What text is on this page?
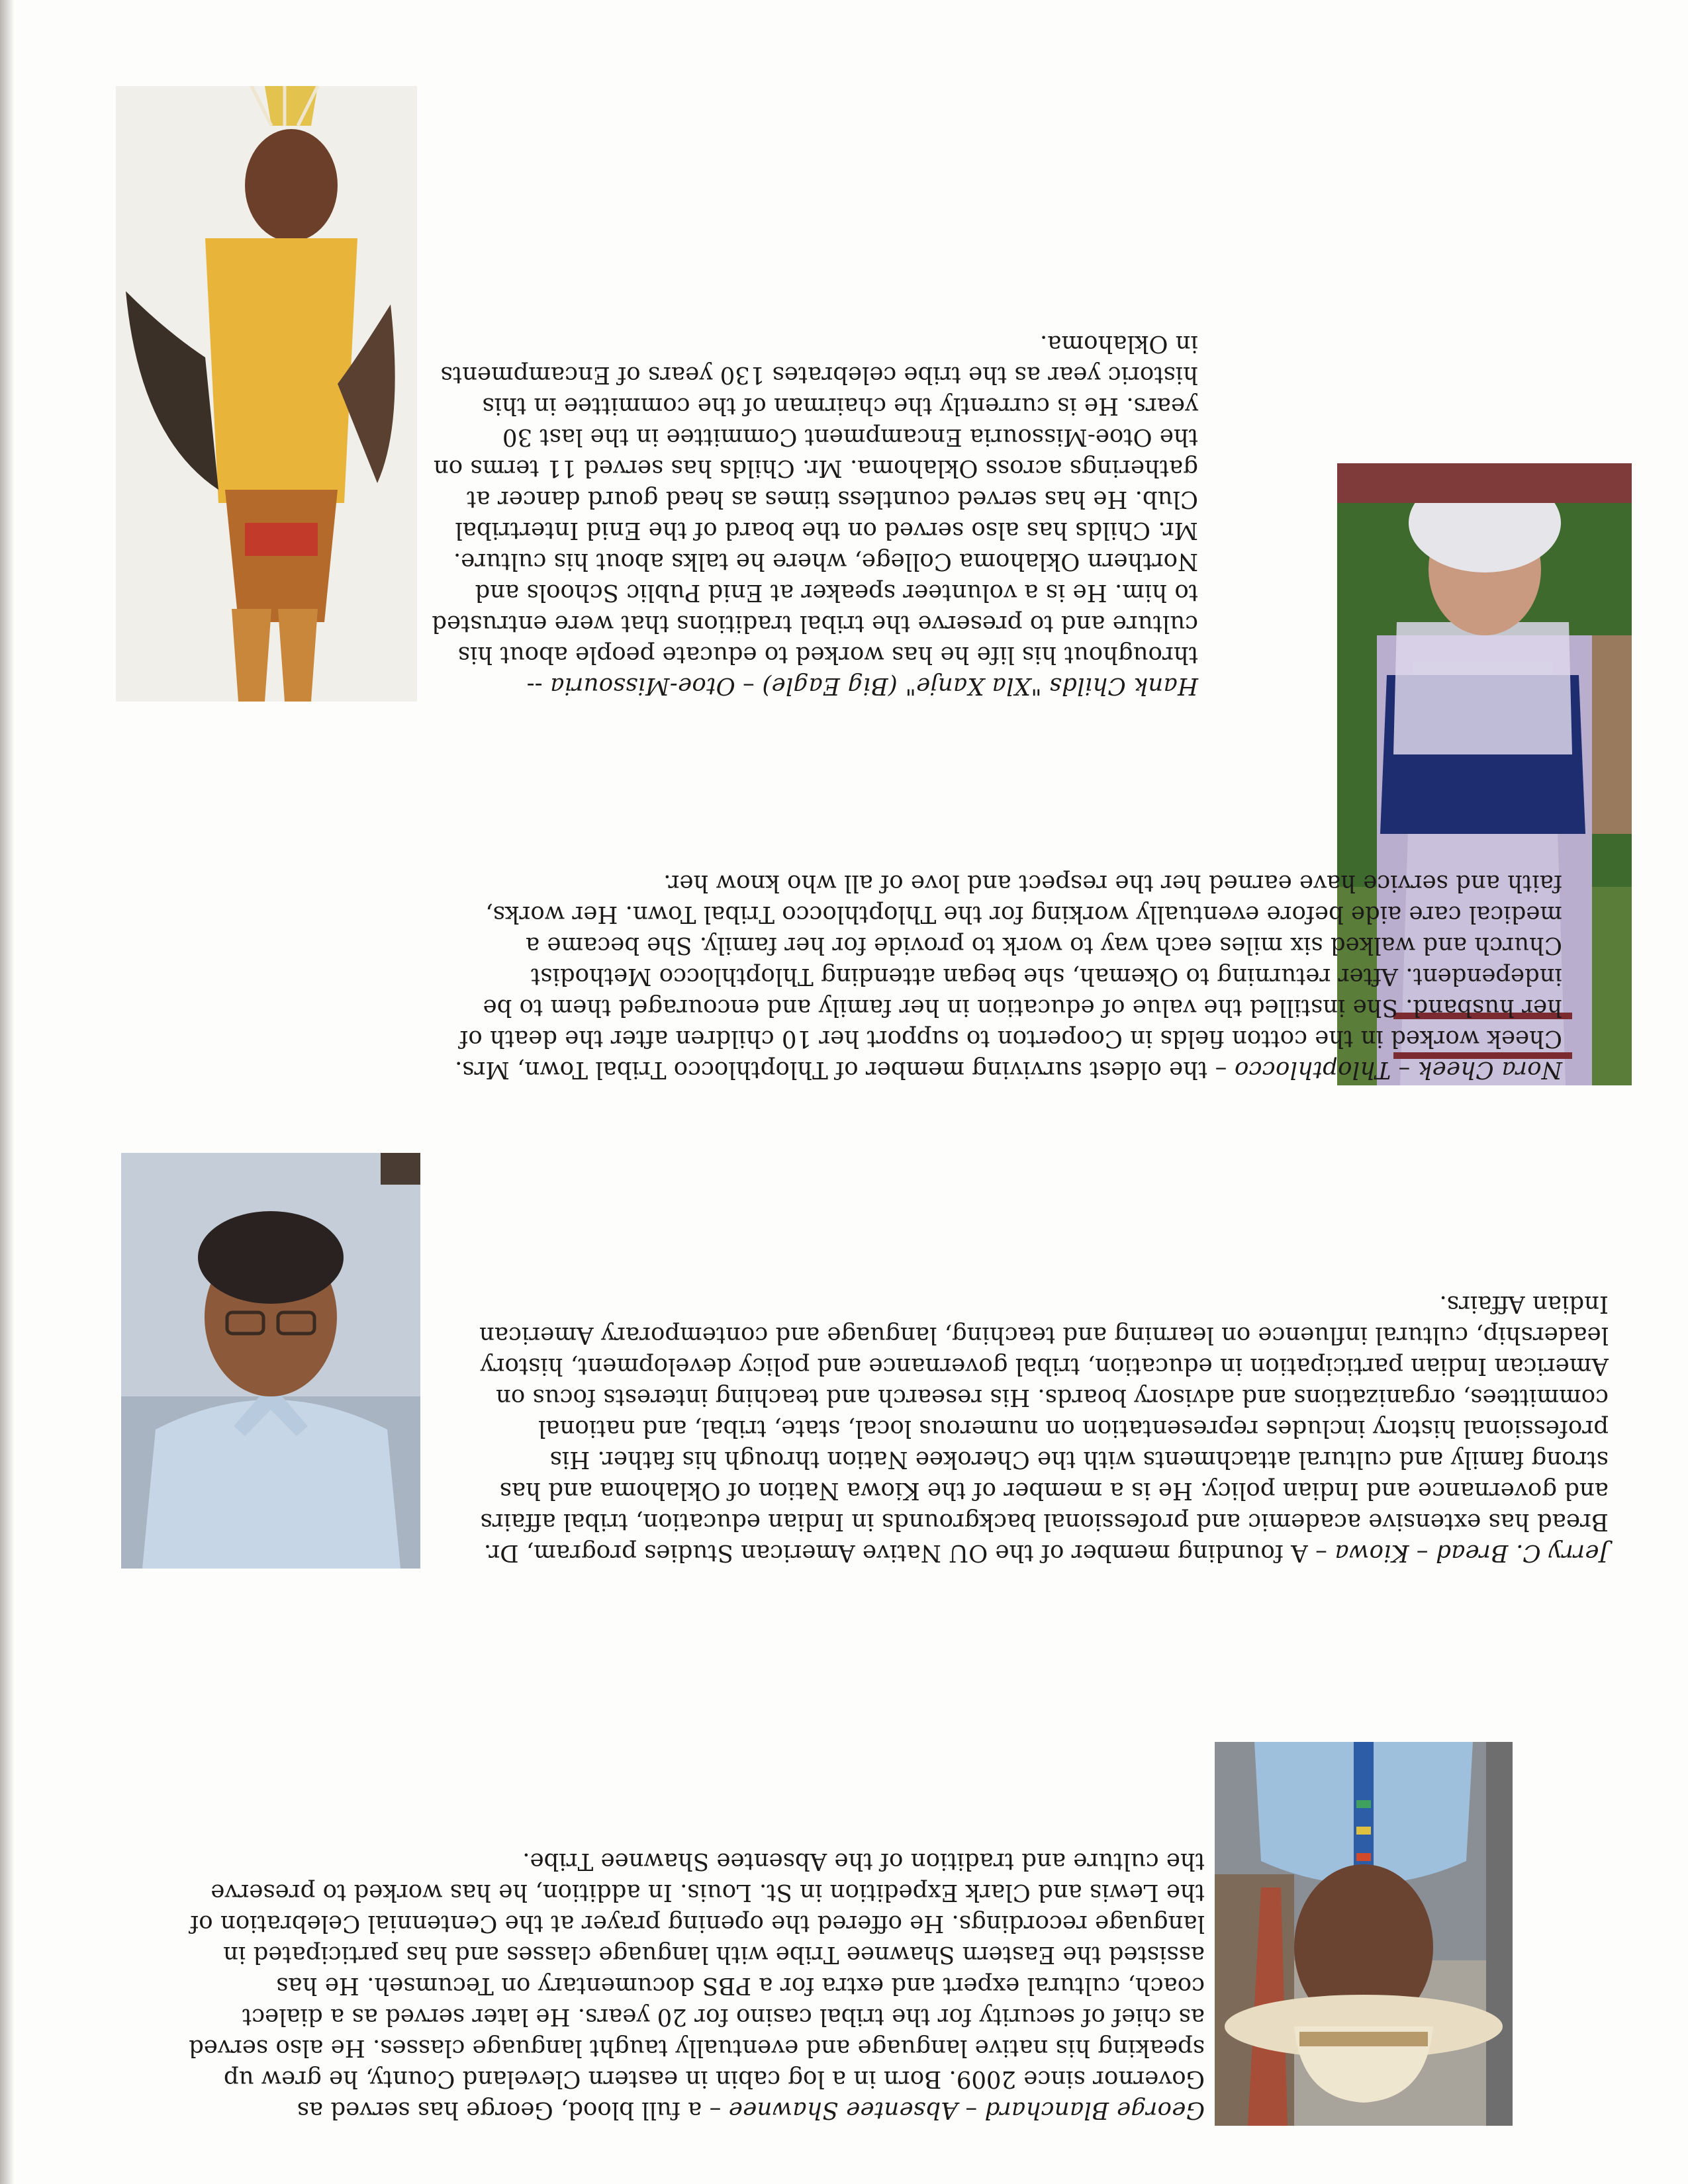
George Blanchard – Absentee Shawnee – a full blood, George has served as Governor since 2009. Born in a log cabin in eastern Cleveland County, he grew up speaking his native language and eventually taught language classes. He also served as chief of security for the tribal casino for 20 years. He later served as a dialect coach, cultural expert and extra for a PBS documentary on Tecumseh. He has assisted the Eastern Shawnee Tribe with language classes and has participated in language recordings. He offered the opening prayer at the Centennial Celebration of the Lewis and Clark Expedition in St. Louis. In addition, he has worked to preserve the culture and tradition of the Absentee Shawnee Tribe.

Jerry C. Bread – Kiowa – A founding member of the OU Native American Studies program, Dr. Bread has extensive academic and professional backgrounds in Indian education, tribal affairs and governance and Indian policy. He is a member of the Kiowa Nation of Oklahoma and has strong family and cultural attachments with the Cherokee Nation through his father. His professional history includes representation on numerous local, state, tribal, and national committees, organizations and advisory boards. His research and teaching interests focus on American Indian participation in education, tribal governance and policy development, history leadership, cultural influence on learning and teaching, language and contemporary American Indian Affairs.

Nora Cheek – Thlopthlocco – the oldest surviving member of Thlopthlocco Tribal Town, Mrs. Cheek worked in the cotton fields in Cooperton to support her 10 children after the death of her husband. She instilled the value of education in her family and encouraged them to be independent. After returning to Okemah, she began attending Thlopthlocco Methodist Church and walked six miles each way to work to provide for her family. She became a medical care aide before eventually working for the Thlopthlocco Tribal Town. Her works, faith and service have earned her the respect and love of all who know her.

Hank Childs "Xla Xanje" (Big Eagle) – Otoe-Missouria -- throughout his life he has worked to educate people about his culture and to preserve the tribal traditions that were entrusted to him. He is a volunteer speaker at Enid Public Schools and Northern Oklahoma College, where he talks about his culture. Mr. Childs has also served on the board of the Enid Intertribal Club. He has served countless times as head gourd dancer at gatherings across Oklahoma. Mr. Childs has served 11 terms on the Otoe-Missouria Encampment Committee in the last 30 years. He is currently the chairman of the committee in this historic year as the tribe celebrates 130 years of Encampments in Oklahoma.
